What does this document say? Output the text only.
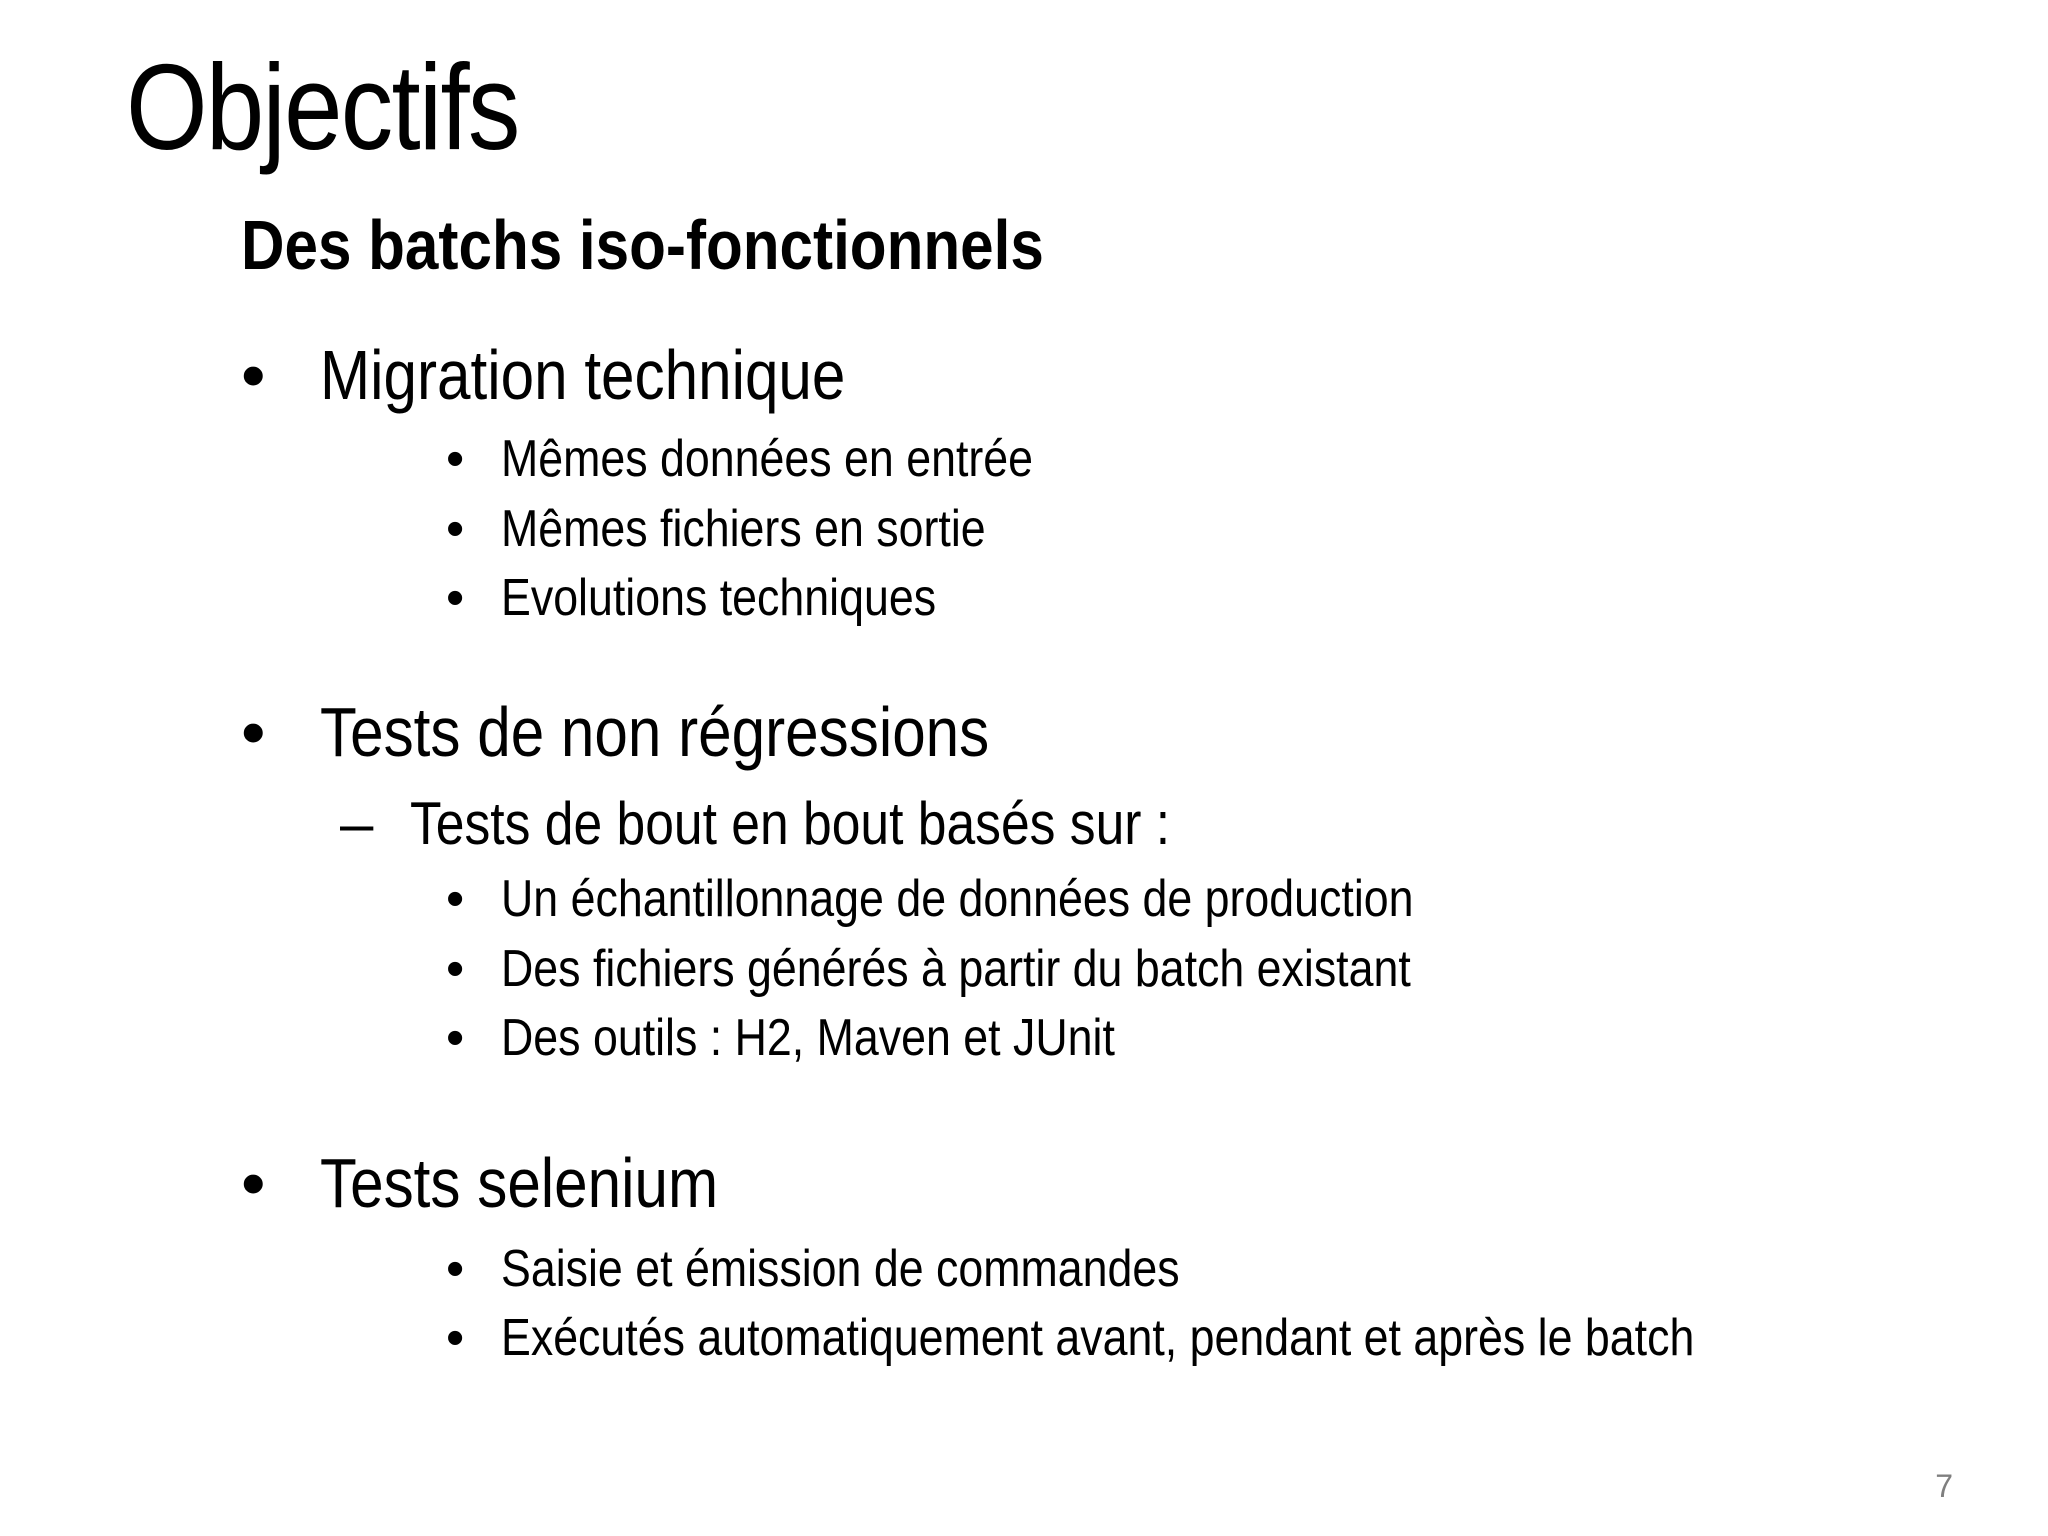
Objectifs
Des batchs iso-fonctionnels
• Migration technique
• Mêmes données en entrée
• Mêmes fichiers en sortie
• Evolutions techniques
• Tests de non régressions
– Tests de bout en bout basés sur :
• Un échantillonnage de données de production
• Des fichiers générés à partir du batch existant
• Des outils : H2, Maven et JUnit
• Tests selenium
• Saisie et émission de commandes
• Exécutés automatiquement avant, pendant et après le batch
7
